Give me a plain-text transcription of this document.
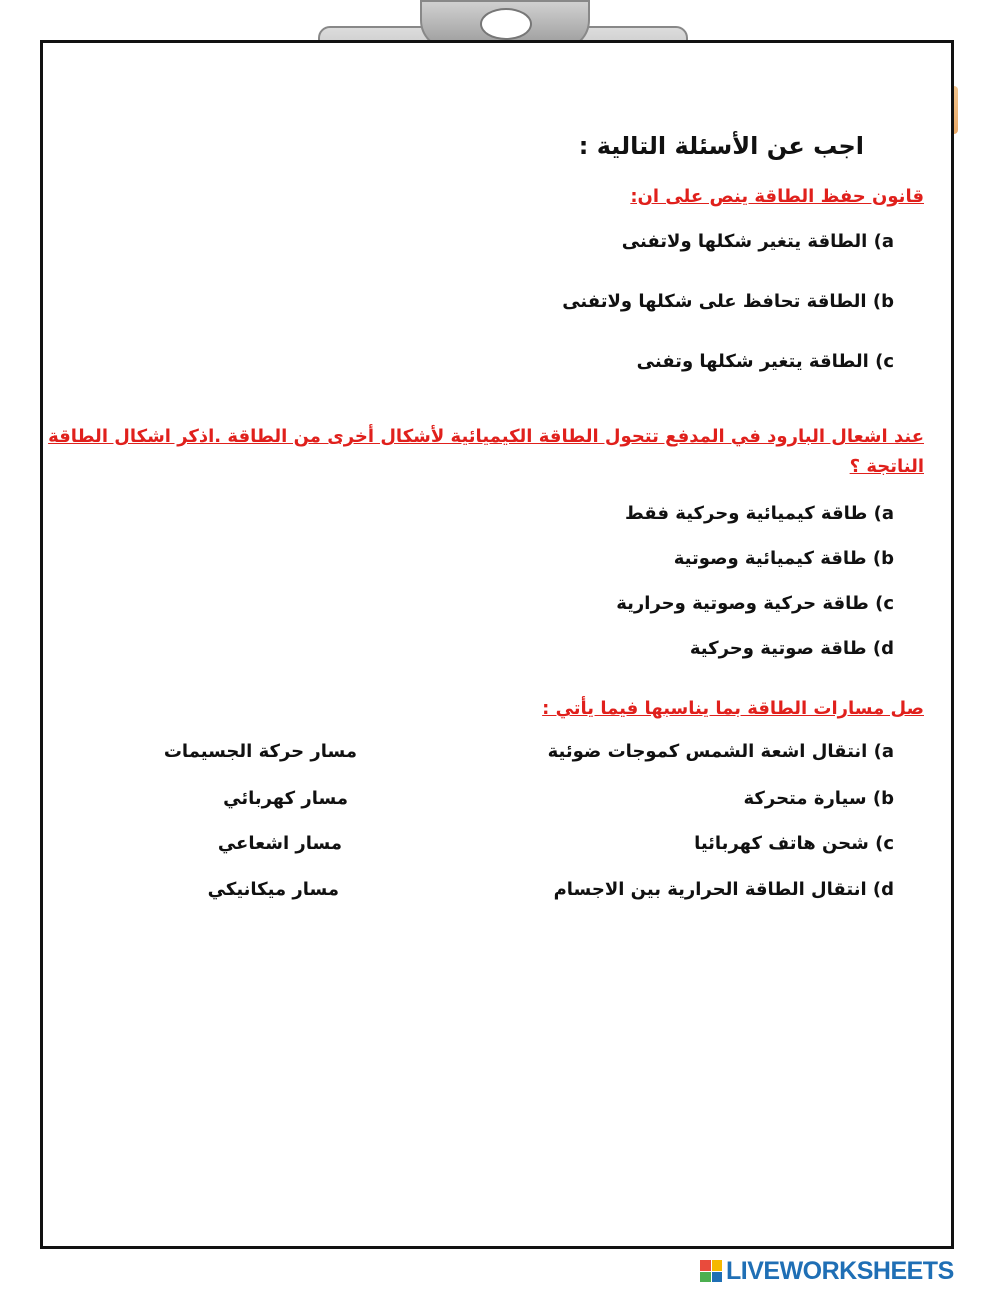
اجب عن الأسئلة التالية :
قانون حفظ الطاقة ينص على ان:
a) الطاقة يتغير شكلها ولاتفنى
b) الطاقة تحافظ على شكلها ولاتفنى
c) الطاقة يتغير شكلها وتفنى
عند اشعال البارود في المدفع تتحول الطاقة الكيميائية لأشكال أخرى من الطاقة .اذكر اشكال الطاقة
الناتجة ؟
a) طاقة كيميائية وحركية فقط
b) طاقة كيميائية وصوتية
c) طاقة حركية وصوتية وحرارية
d) طاقة صوتية وحركية
صل مسارات الطاقة بما يناسبها فيما يأتي :
a) انتقال اشعة الشمس كموجات ضوئية
b) سيارة متحركة
c) شحن هاتف كهربائيا
d) انتقال الطاقة الحرارية بين الاجسام
مسار حركة الجسيمات
مسار كهربائي
مسار اشعاعي
مسار ميكانيكي
LIVEWORKSHEETS
